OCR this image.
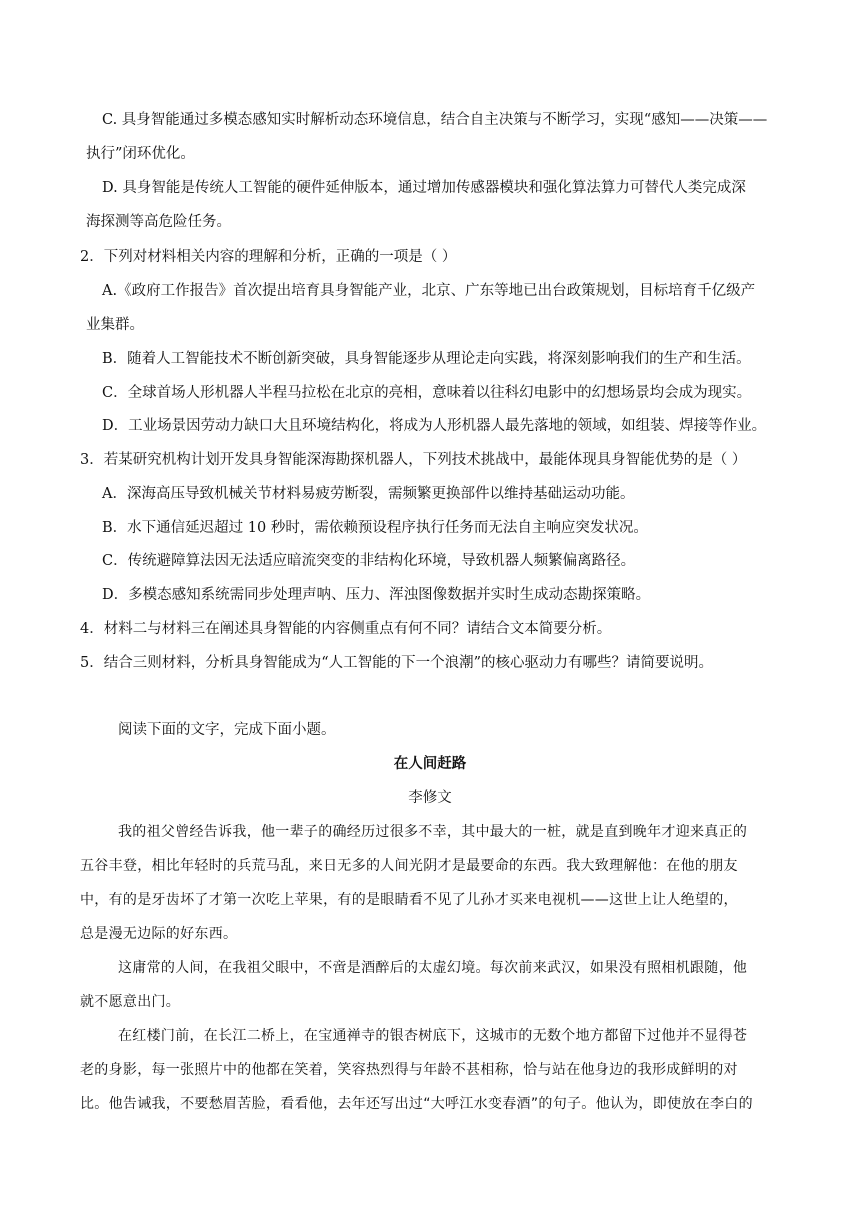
C. 具身智能通过多模态感知实时解析动态环境信息，结合自主决策与不断学习，实现“感知——决策——
执行”闭环优化。
D. 具身智能是传统人工智能的硬件延伸版本，通过增加传感器模块和强化算法算力可替代人类完成深
海探测等高危险任务。
2．下列对材料相关内容的理解和分析，正确的一项是（ ）
A.《政府工作报告》首次提出培育具身智能产业，北京、广东等地已出台政策规划，目标培育千亿级产
业集群。
B．随着人工智能技术不断创新突破，具身智能逐步从理论走向实践，将深刻影响我们的生产和生活。
C．全球首场人形机器人半程马拉松在北京的亮相，意味着以往科幻电影中的幻想场景均会成为现实。
D．工业场景因劳动力缺口大且环境结构化，将成为人形机器人最先落地的领域，如组装、焊接等作业。
3．若某研究机构计划开发具身智能深海勘探机器人，下列技术挑战中，最能体现具身智能优势的是（ ）
A．深海高压导致机械关节材料易疲劳断裂，需频繁更换部件以维持基础运动功能。
B．水下通信延迟超过 10 秒时，需依赖预设程序执行任务而无法自主响应突发状况。
C．传统避障算法因无法适应暗流突变的非结构化环境，导致机器人频繁偏离路径。
D．多模态感知系统需同步处理声呐、压力、浑浊图像数据并实时生成动态勘探策略。
4．材料二与材料三在阐述具身智能的内容侧重点有何不同？请结合文本简要分析。
5．结合三则材料，分析具身智能成为“人工智能的下一个浪潮”的核心驱动力有哪些？请简要说明。
阅读下面的文字，完成下面小题。
在人间赶路
李修文
我的祖父曾经告诉我，他一辈子的确经历过很多不幸，其中最大的一桩，就是直到晚年才迎来真正的
五谷丰登，相比年轻时的兵荒马乱，来日无多的人间光阴才是最要命的东西。我大致理解他：在他的朋友
中，有的是牙齿坏了才第一次吃上苹果，有的是眼睛看不见了儿孙才买来电视机——这世上让人绝望的，
总是漫无边际的好东西。
这庸常的人间，在我祖父眼中，不啻是酒醉后的太虚幻境。每次前来武汉，如果没有照相机跟随，他
就不愿意出门。
在红楼门前，在长江二桥上，在宝通禅寺的银杏树底下，这城市的无数个地方都留下过他并不显得苍
老的身影，每一张照片中的他都在笑着，笑容热烈得与年龄不甚相称，恰与站在他身边的我形成鲜明的对
比。他告诫我，不要愁眉苦脸，看看他，去年还写出过“大呼江水变春酒”的句子。他认为，即使放在李白的
